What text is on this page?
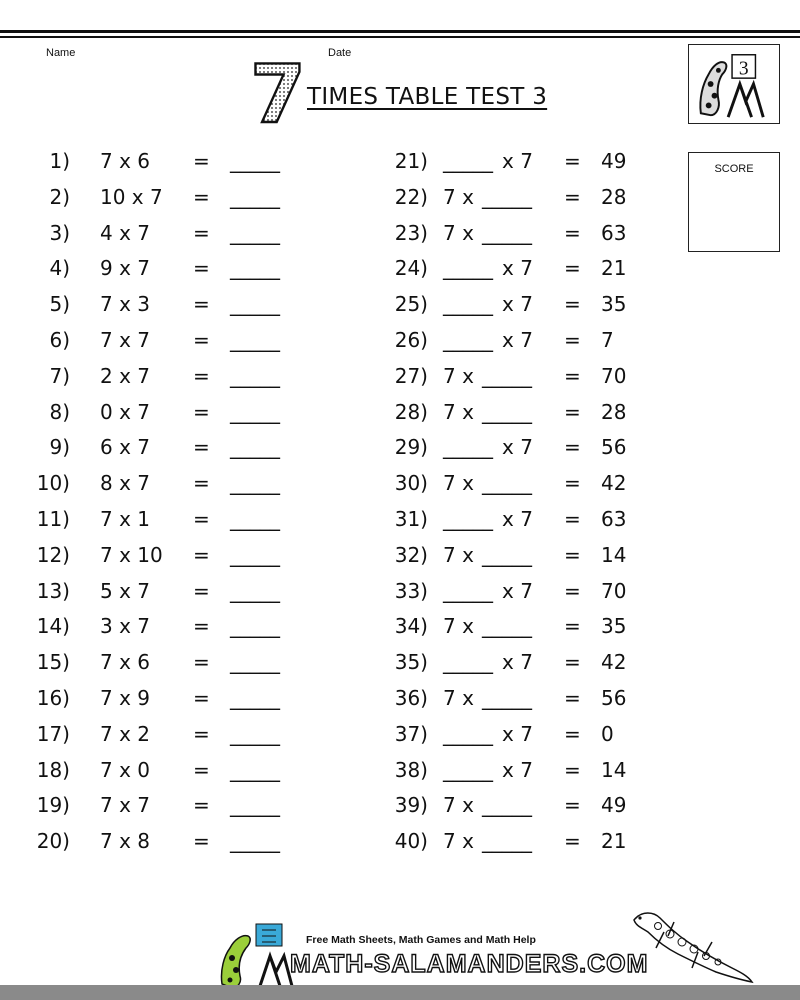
Name	Date
7 TIMES TABLE TEST 3
3
SCORE
1) 7 x 6 = _____
2) 10 x 7 = _____
3) 4 x 7 = _____
4) 9 x 7 = _____
5) 7 x 3 = _____
6) 7 x 7 = _____
7) 2 x 7 = _____
8) 0 x 7 = _____
9) 6 x 7 = _____
10) 8 x 7 = _____
11) 7 x 1 = _____
12) 7 x 10 = _____
13) 5 x 7 = _____
14) 3 x 7 = _____
15) 7 x 6 = _____
16) 7 x 9 = _____
17) 7 x 2 = _____
18) 7 x 0 = _____
19) 7 x 7 = _____
20) 7 x 8 = _____
21) _____ x 7 = 49
22) 7 x _____ = 28
23) 7 x _____ = 63
24) _____ x 7 = 21
25) _____ x 7 = 35
26) _____ x 7 = 7
27) 7 x _____ = 70
28) 7 x _____ = 28
29) _____ x 7 = 56
30) 7 x _____ = 42
31) _____ x 7 = 63
32) 7 x _____ = 14
33) _____ x 7 = 70
34) 7 x _____ = 35
35) _____ x 7 = 42
36) 7 x _____ = 56
37) _____ x 7 = 0
38) _____ x 7 = 14
39) 7 x _____ = 49
40) 7 x _____ = 21
Free Math Sheets, Math Games and Math Help
MATH-SALAMANDERS.COM
